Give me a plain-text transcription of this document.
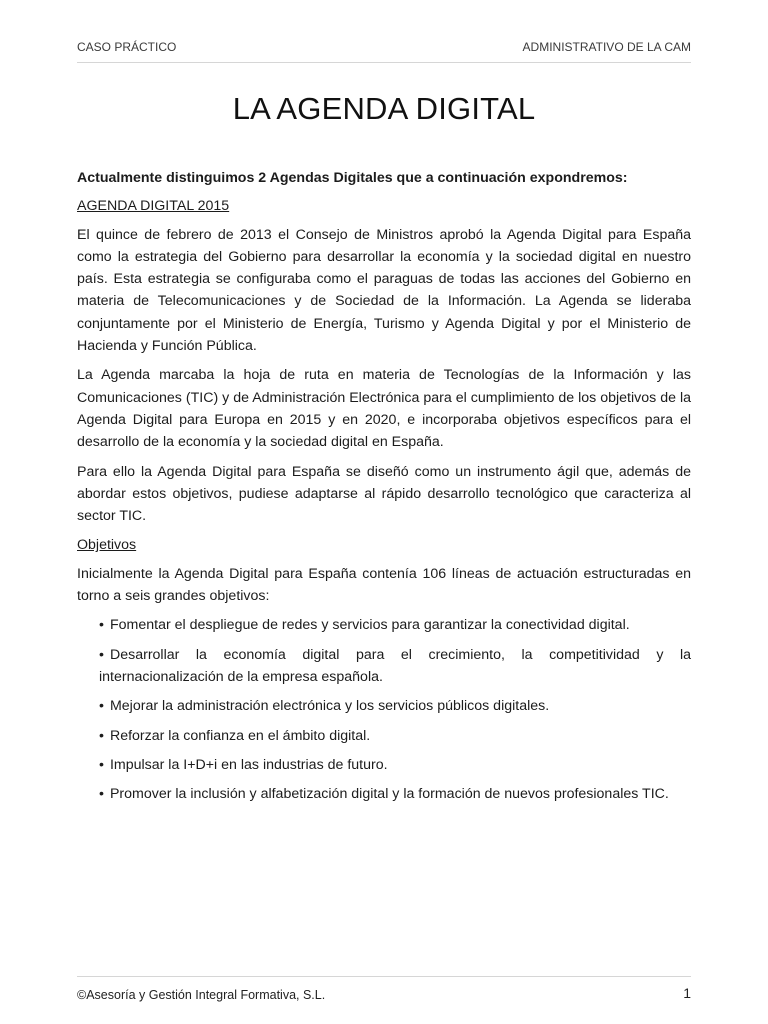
CASO PRÁCTICO	ADMINISTRATIVO DE LA CAM
LA AGENDA DIGITAL

Actualmente distinguimos 2 Agendas Digitales que a continuación expondremos:

AGENDA DIGITAL 2015

El quince de febrero de 2013 el Consejo de Ministros aprobó la Agenda Digital para España como la estrategia del Gobierno para desarrollar la economía y la sociedad digital en nuestro país. Esta estrategia se configuraba como el paraguas de todas las acciones del Gobierno en materia de Telecomunicaciones y de Sociedad de la Información. La Agenda se lideraba conjuntamente por el Ministerio de Energía, Turismo y Agenda Digital y por el Ministerio de Hacienda y Función Pública.

La Agenda marcaba la hoja de ruta en materia de Tecnologías de la Información y las Comunicaciones (TIC) y de Administración Electrónica para el cumplimiento de los objetivos de la Agenda Digital para Europa en 2015 y en 2020, e incorporaba objetivos específicos para el desarrollo de la economía y la sociedad digital en España.

Para ello la Agenda Digital para España se diseñó como un instrumento ágil que, además de abordar estos objetivos, pudiese adaptarse al rápido desarrollo tecnológico que caracteriza al sector TIC.

Objetivos

Inicialmente la Agenda Digital para España contenía 106 líneas de actuación estructuradas en torno a seis grandes objetivos:

• Fomentar el despliegue de redes y servicios para garantizar la conectividad digital.
• Desarrollar la economía digital para el crecimiento, la competitividad y la internacionalización de la empresa española.
• Mejorar la administración electrónica y los servicios públicos digitales.
• Reforzar la confianza en el ámbito digital.
• Impulsar la I+D+i en las industrias de futuro.
• Promover la inclusión y alfabetización digital y la formación de nuevos profesionales TIC.
©Asesoría y Gestión Integral Formativa, S.L.	1
